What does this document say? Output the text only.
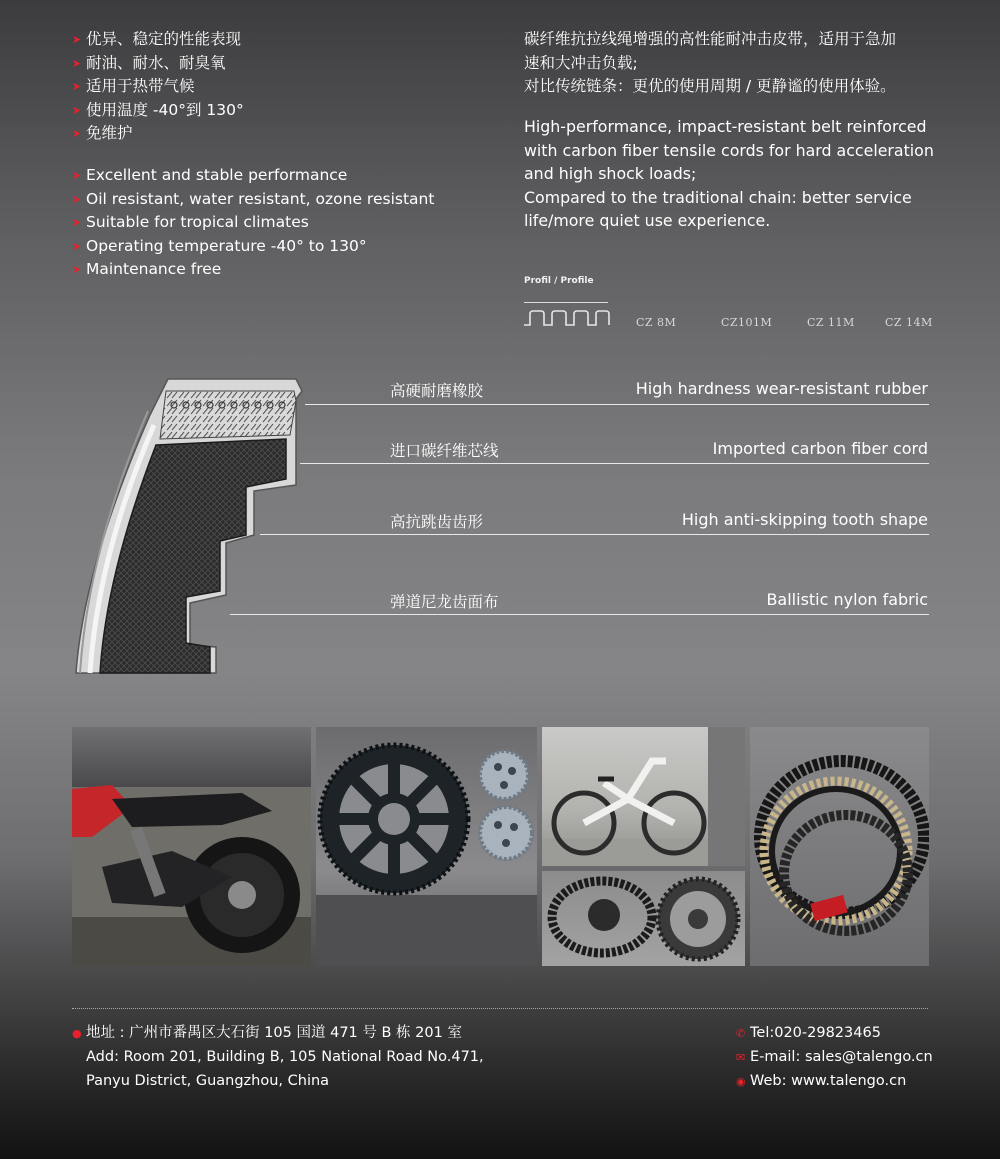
➤ 优异、稳定的性能表现
➤ 耐油、耐水、耐臭氧
➤ 适用于热带气候
➤ 使用温度 -40°到 130°
➤ 免维护
➤ Excellent and stable performance
➤ Oil resistant, water resistant, ozone resistant
➤ Suitable for tropical climates
➤ Operating temperature -40° to 130°
➤ Maintenance free
碳纤维抗拉线绳增强的高性能耐冲击皮带，适用于急加
速和大冲击负载;
对比传统链条：更优的使用周期 / 更静谧的使用体验。
High-performance, impact-resistant belt reinforced
with carbon fiber tensile cords for hard acceleration
and high shock loads;
Compared to the traditional chain: better service
life/more quiet use experience.
Profil / Profile
CZ 8M	CZ101M	CZ 11M	CZ 14M
高硬耐磨橡胶	High hardness wear-resistant rubber
进口碳纤维芯线	Imported carbon fiber cord
高抗跳齿齿形	High anti-skipping tooth shape
弹道尼龙齿面布	Ballistic nylon fabric
● 地址 : 广州市番禺区大石街 105 国道 471 号 B 栋 201 室
Add: Room 201, Building B, 105 National Road No.471,
Panyu District, Guangzhou, China
✆ Tel:020-29823465
✉ E-mail: sales@talengo.cn
◉ Web: www.talengo.cn
